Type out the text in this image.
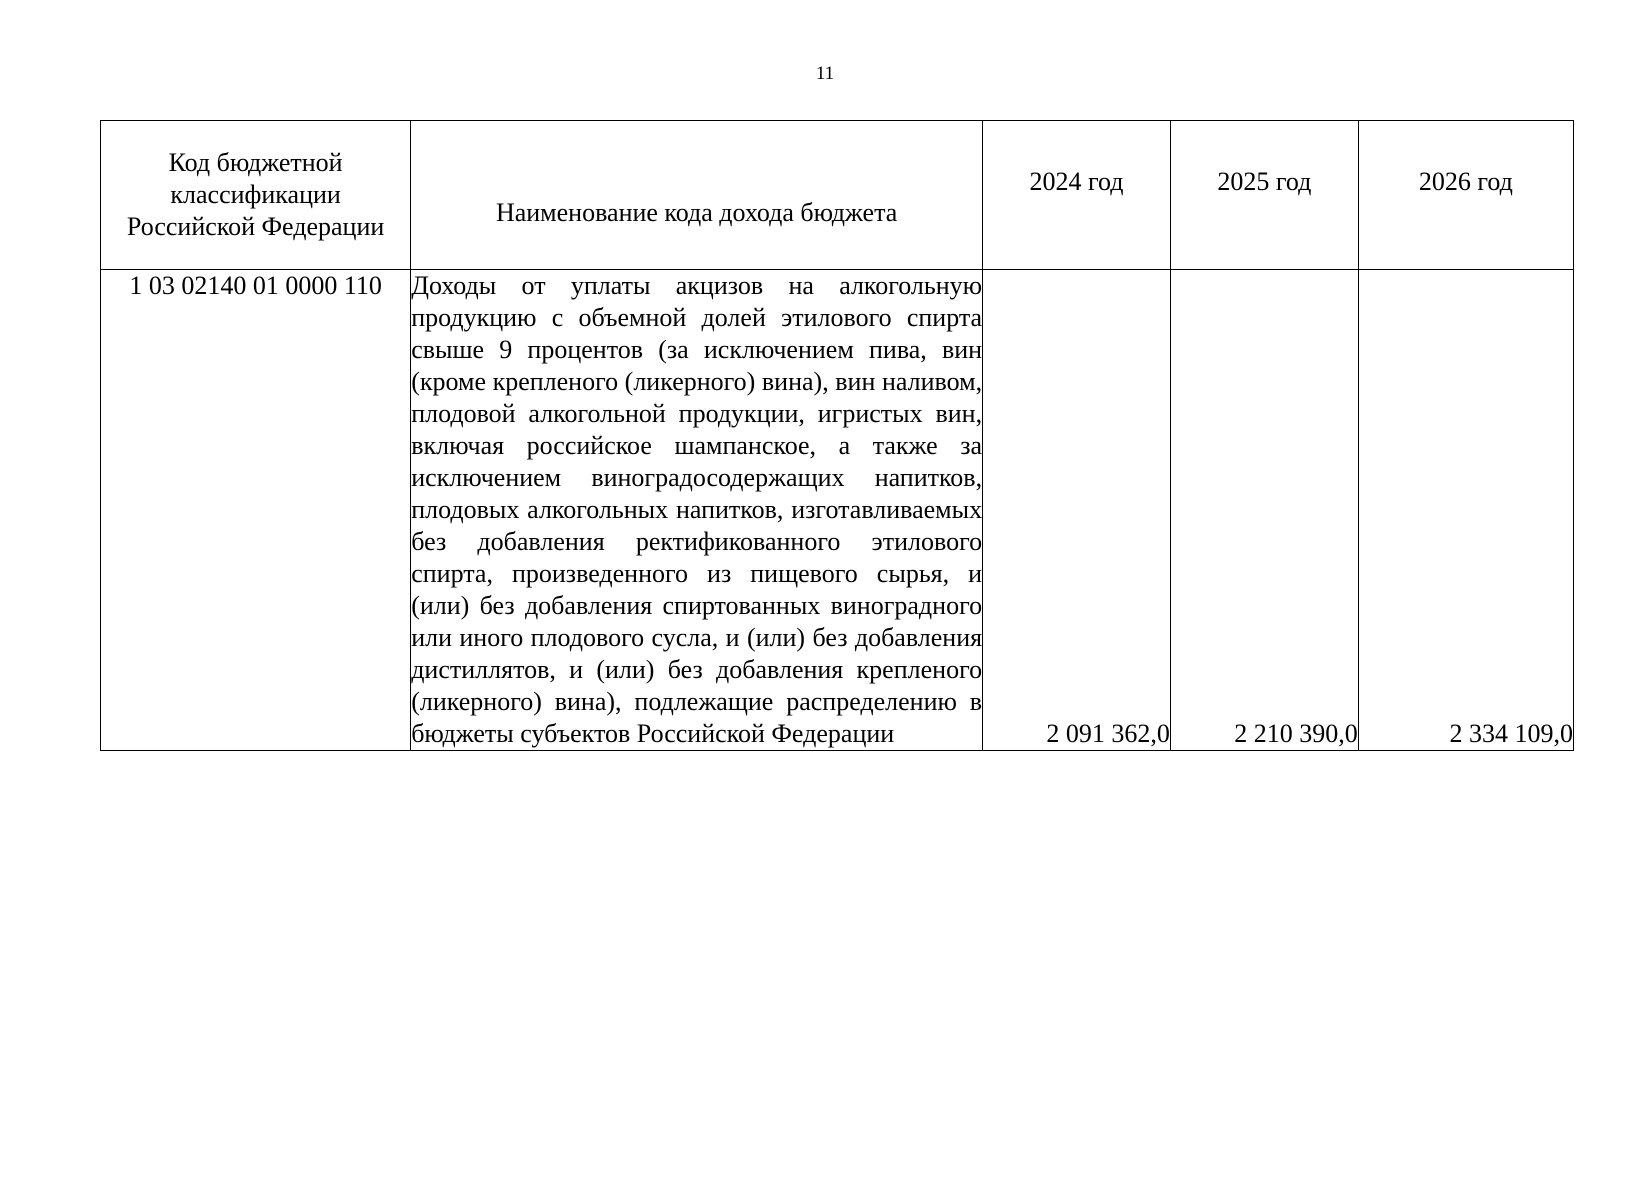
11
Код бюджетной классификации Российской Федерации	Наименование кода дохода бюджета	2024 год	2025 год	2026 год
1 03 02140 01 0000 110	Доходы от уплаты акцизов на алкогольную продукцию с объемной долей этилового спирта свыше 9 процентов (за исключением пива, вин (кроме крепленого (ликерного) вина), вин наливом, плодовой алкогольной продукции, игристых вин, включая российское шампанское, а также за исключением виноградосодержащих напитков, плодовых алкогольных напитков, изготавливаемых без добавления ректификованного этилового спирта, произведенного из пищевого сырья, и (или) без добавления спиртованных виноградного или иного плодового сусла, и (или) без добавления дистиллятов, и (или) без добавления крепленого (ликерного) вина), подлежащие распределению в бюджеты субъектов Российской Федерации	2 091 362,0	2 210 390,0	2 334 109,0
